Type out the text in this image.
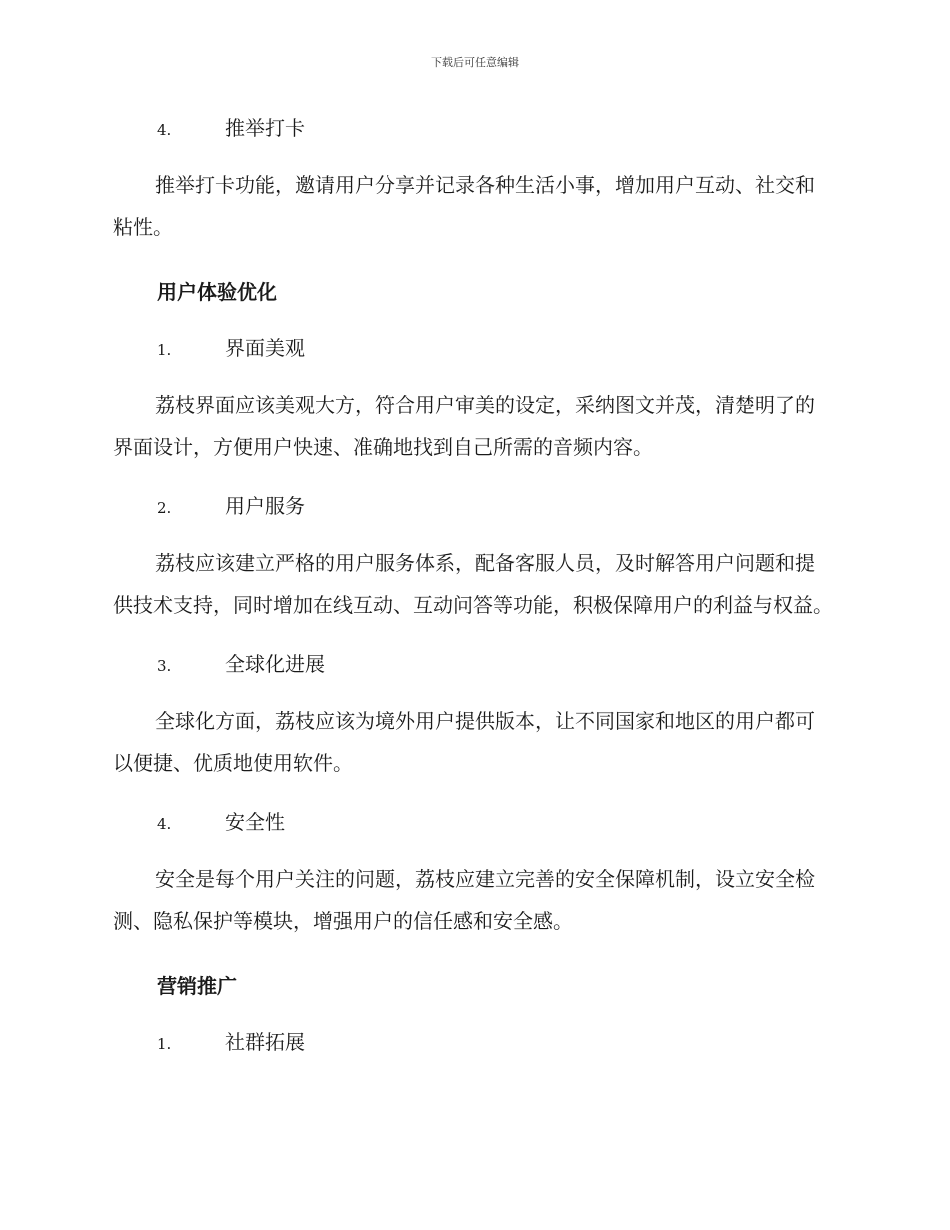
下载后可任意编辑
4.	推举打卡

推举打卡功能，邀请用户分享并记录各种生活小事，增加用户互动、社交和粘性。

用户体验优化
1.	界面美观

荔枝界面应该美观大方，符合用户审美的设定，采纳图文并茂，清楚明了的界面设计，方便用户快速、准确地找到自己所需的音频内容。

2.	用户服务

荔枝应该建立严格的用户服务体系，配备客服人员，及时解答用户问题和提供技术支持，同时增加在线互动、互动问答等功能，积极保障用户的利益与权益。

3.	全球化进展

全球化方面，荔枝应该为境外用户提供版本，让不同国家和地区的用户都可以便捷、优质地使用软件。

4.	安全性

安全是每个用户关注的问题，荔枝应建立完善的安全保障机制，设立安全检测、隐私保护等模块，增强用户的信任感和安全感。

营销推广
1.	社群拓展
